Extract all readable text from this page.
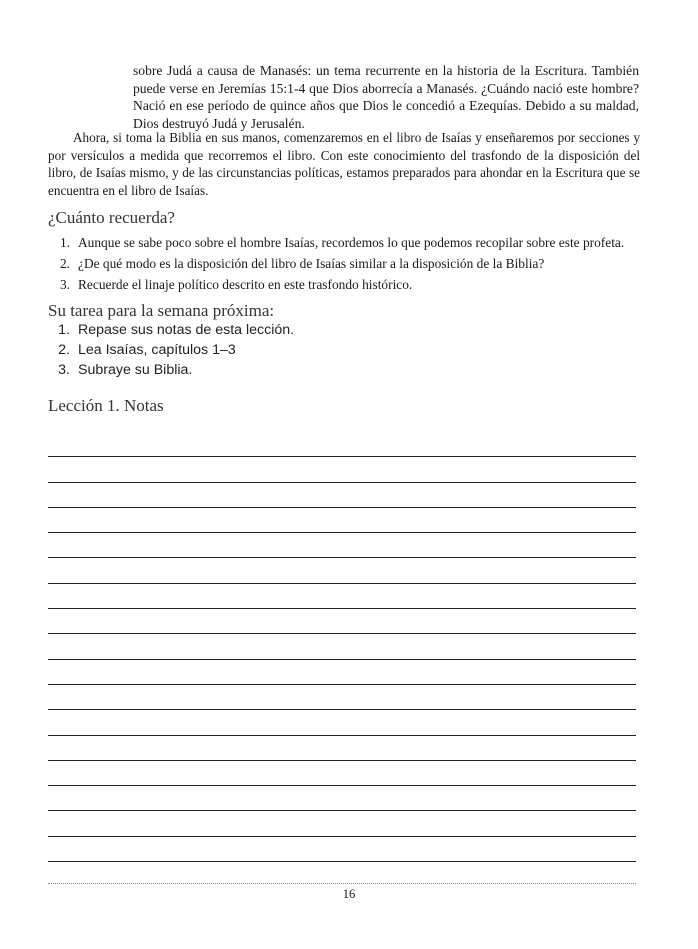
sobre Judá a causa de Manasés: un tema recurrente en la historia de la Escritura. También puede verse en Jeremías 15:1-4 que Dios aborrecía a Manasés. ¿Cuándo nació este hombre? Nació en ese período de quince años que Dios le concedió a Ezequías. Debido a su maldad, Dios destruyó Judá y Jerusalén.

Ahora, si toma la Biblia en sus manos, comenzaremos en el libro de Isaías y enseñaremos por secciones y por versículos a medida que recorremos el libro. Con este conocimiento del trasfondo de la disposición del libro, de Isaías mismo, y de las circunstancias políticas, estamos preparados para ahondar en la Escritura que se encuentra en el libro de Isaías.

¿Cuánto recuerda?
1. Aunque se sabe poco sobre el hombre Isaías, recordemos lo que podemos recopilar sobre este profeta.
2. ¿De qué modo es la disposición del libro de Isaías similar a la disposición de la Biblia?
3. Recuerde el linaje político descrito en este trasfondo histórico.
Su tarea para la semana próxima:
1. Repase sus notas de esta lección.
2. Lea Isaías, capítulos 1–3
3. Subraye su Biblia.
Lección 1. Notas
16
